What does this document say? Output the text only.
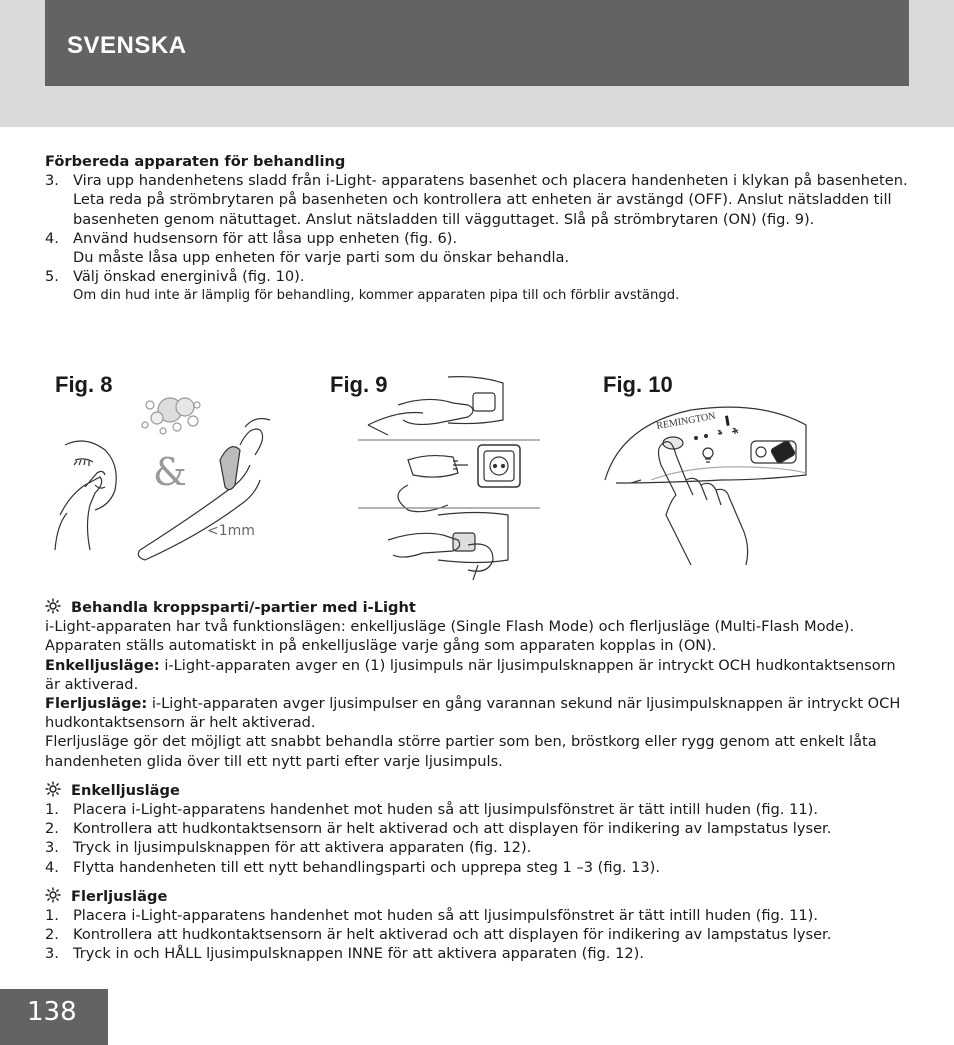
SVENSKA
Förbereda apparaten för behandling
3. Vira upp handenhetens sladd från i-Light- apparatens basenhet och placera handenheten i klykan på basenheten. Leta reda på strömbrytaren på basenheten och kontrollera att enheten är avstängd (OFF). Anslut nätsladden till basenheten genom nätuttaget. Anslut nätsladden till vägguttaget. Slå på strömbrytaren (ON) (fig. 9).
4. Använd hudsensorn för att låsa upp enheten (fig. 6).
Du måste låsa upp enheten för varje parti som du önskar behandla.
5. Välj önskad energinivå (fig. 10).
Om din hud inte är lämplig för behandling, kommer apparaten pipa till och förblir avstängd.
Fig. 8
&
<1mm
Fig. 9	Fig. 10
REMINGTON
Behandla kroppsparti/-partier med i-Light
i-Light-apparaten har två funktionslägen: enkelljusläge (Single Flash Mode) och flerljusläge (Multi-Flash Mode). Apparaten ställs automatiskt in på enkelljusläge varje gång som apparaten kopplas in (ON).
Enkelljusläge: i-Light-apparaten avger en (1) ljusimpuls när ljusimpulsknappen är intryckt OCH hudkontaktsensorn är aktiverad.
Flerljusläge: i-Light-apparaten avger ljusimpulser en gång varannan sekund när ljusimpulsknappen är intryckt OCH hudkontaktsensorn är helt aktiverad.
Flerljusläge gör det möjligt att snabbt behandla större partier som ben, bröstkorg eller rygg genom att enkelt låta handenheten glida över till ett nytt parti efter varje ljusimpuls.
Enkelljusläge
1. Placera i-Light-apparatens handenhet mot huden så att ljusimpulsfönstret är tätt intill huden (fig. 11).
2. Kontrollera att hudkontaktsensorn är helt aktiverad och att displayen för indikering av lampstatus lyser.
3. Tryck in ljusimpulsknappen för att aktivera apparaten (fig. 12).
4. Flytta handenheten till ett nytt behandlingsparti och upprepa steg 1 –3 (fig. 13).
Flerljusläge
1. Placera i-Light-apparatens handenhet mot huden så att ljusimpulsfönstret är tätt intill huden (fig. 11).
2. Kontrollera att hudkontaktsensorn är helt aktiverad och att displayen för indikering av lampstatus lyser.
3. Tryck in och HÅLL ljusimpulsknappen INNE för att aktivera apparaten (fig. 12).
138
